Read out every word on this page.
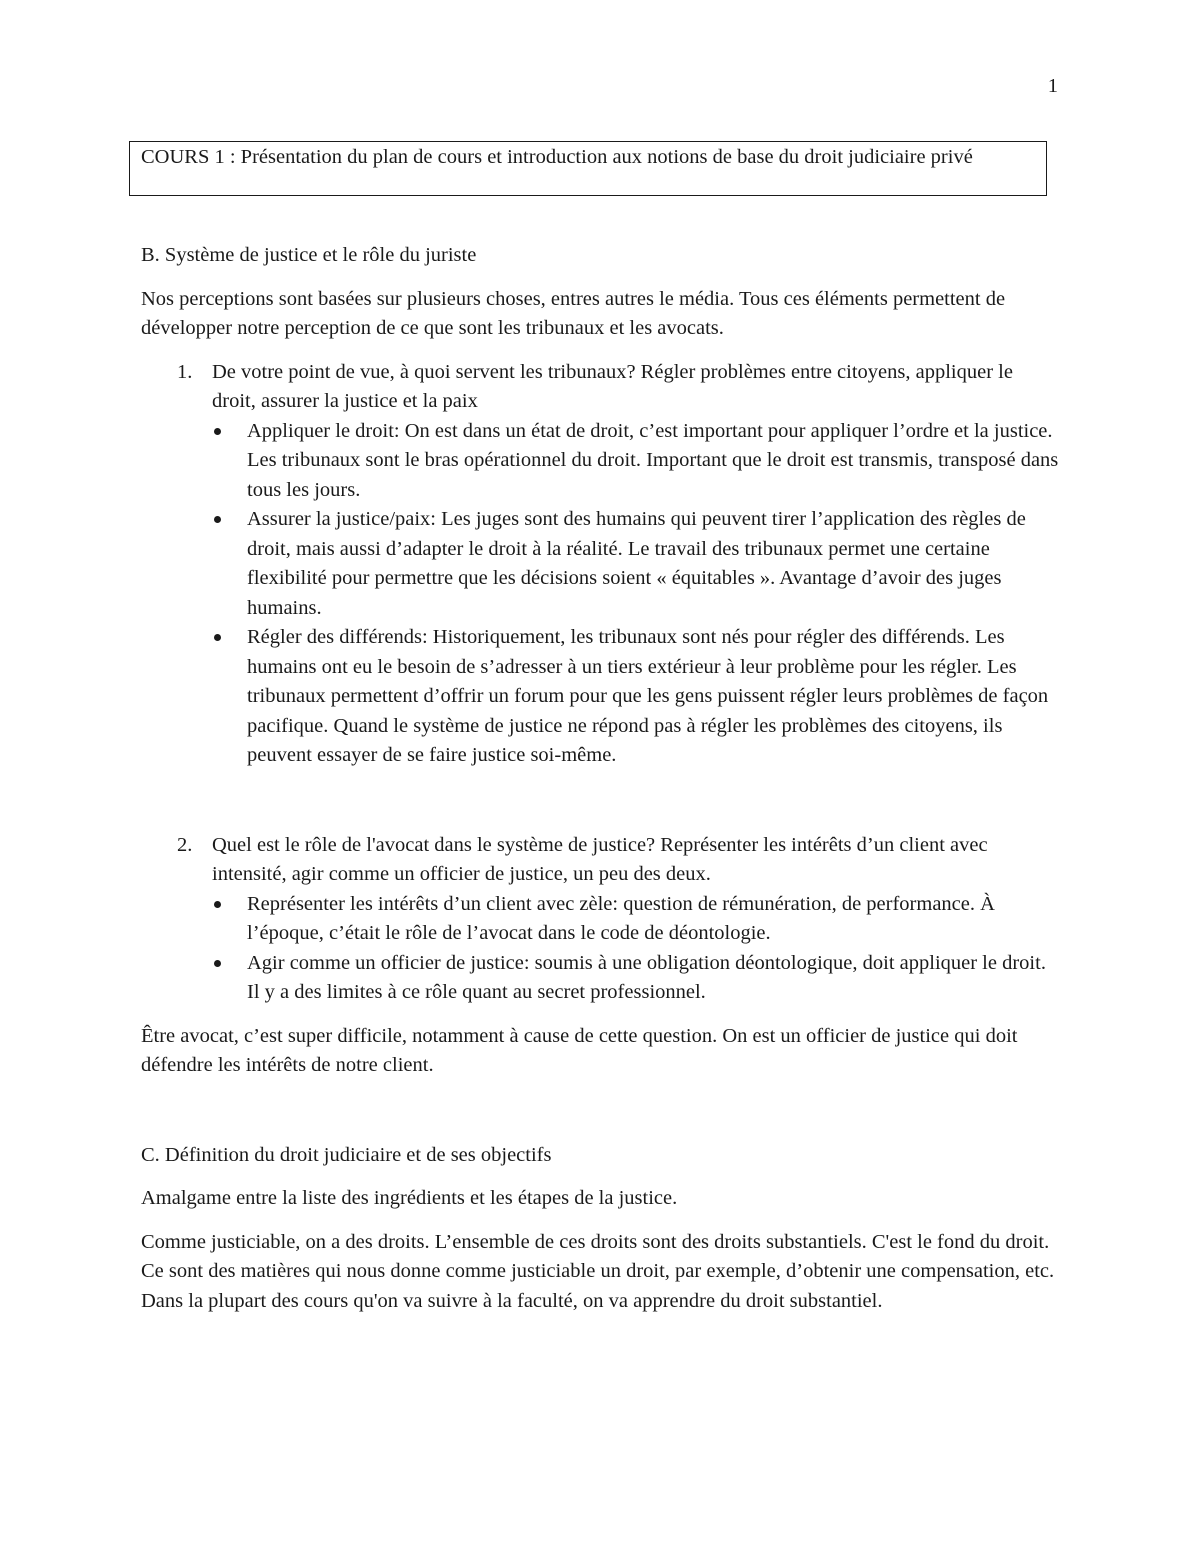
1
COURS 1 : Présentation du plan de cours et introduction aux notions de base du droit judiciaire privé

B. Système de justice et le rôle du juriste

Nos perceptions sont basées sur plusieurs choses, entres autres le média. Tous ces éléments permettent de développer notre perception de ce que sont les tribunaux et les avocats.

1. De votre point de vue, à quoi servent les tribunaux? Régler problèmes entre citoyens, appliquer le droit, assurer la justice et la paix
Appliquer le droit: On est dans un état de droit, c’est important pour appliquer l’ordre et la justice. Les tribunaux sont le bras opérationnel du droit. Important que le droit est transmis, transposé dans tous les jours.
Assurer la justice/paix: Les juges sont des humains qui peuvent tirer l’application des règles de droit, mais aussi d’adapter le droit à la réalité. Le travail des tribunaux permet une certaine flexibilité pour permettre que les décisions soient « équitables ». Avantage d’avoir des juges humains.
Régler des différends: Historiquement, les tribunaux sont nés pour régler des différends. Les humains ont eu le besoin de s’adresser à un tiers extérieur à leur problème pour les régler. Les tribunaux permettent d’offrir un forum pour que les gens puissent régler leurs problèmes de façon pacifique. Quand le système de justice ne répond pas à régler les problèmes des citoyens, ils peuvent essayer de se faire justice soi-même.
2. Quel est le rôle de l'avocat dans le système de justice? Représenter les intérêts d’un client avec intensité, agir comme un officier de justice, un peu des deux.
Représenter les intérêts d’un client avec zèle: question de rémunération, de performance. À l’époque, c’était le rôle de l’avocat dans le code de déontologie.
Agir comme un officier de justice: soumis à une obligation déontologique, doit appliquer le droit. Il y a des limites à ce rôle quant au secret professionnel.

Être avocat, c’est super difficile, notamment à cause de cette question. On est un officier de justice qui doit défendre les intérêts de notre client.

C. Définition du droit judiciaire et de ses objectifs

Amalgame entre la liste des ingrédients et les étapes de la justice.

Comme justiciable, on a des droits. L’ensemble de ces droits sont des droits substantiels. C'est le fond du droit. Ce sont des matières qui nous donne comme justiciable un droit, par exemple, d’obtenir une compensation, etc. Dans la plupart des cours qu'on va suivre à la faculté, on va apprendre du droit substantiel.
